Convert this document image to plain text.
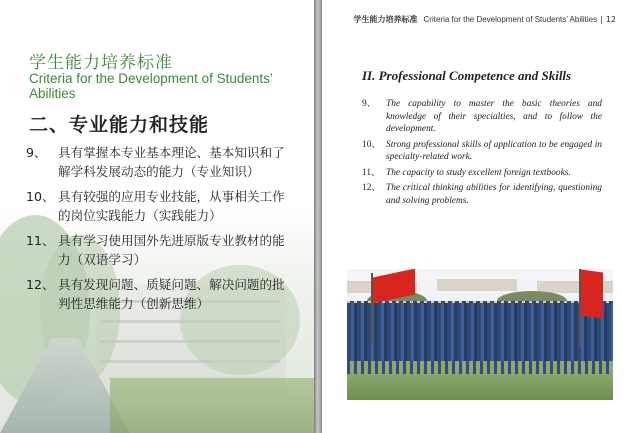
学生能力培养标准
Criteria for the Development of Students’ Abilities
二、专业能力和技能
9、 具有掌握本专业基本理论、基本知识和了解学科发展动态的能力（专业知识）
10、 具有较强的应用专业技能，从事相关工作的岗位实践能力（实践能力）
11、 具有学习使用国外先进原版专业教材的能力（双语学习）
12、 具有发现问题、质疑问题、解决问题的批判性思维能力（创新思维）
学生能力培养标准 Criteria for the Development of Students’ Abilities | 12
II. Professional Competence and Skills
9、 The capability to master the basic theories and knowledge of their specialties, and to follow the development.
10、 Strong professional skills of application to be engaged in specialty-related work.
11、 The capacity to study excellent foreign textbooks.
12、 The critical thinking abilities for identifying, questioning and solving problems.
